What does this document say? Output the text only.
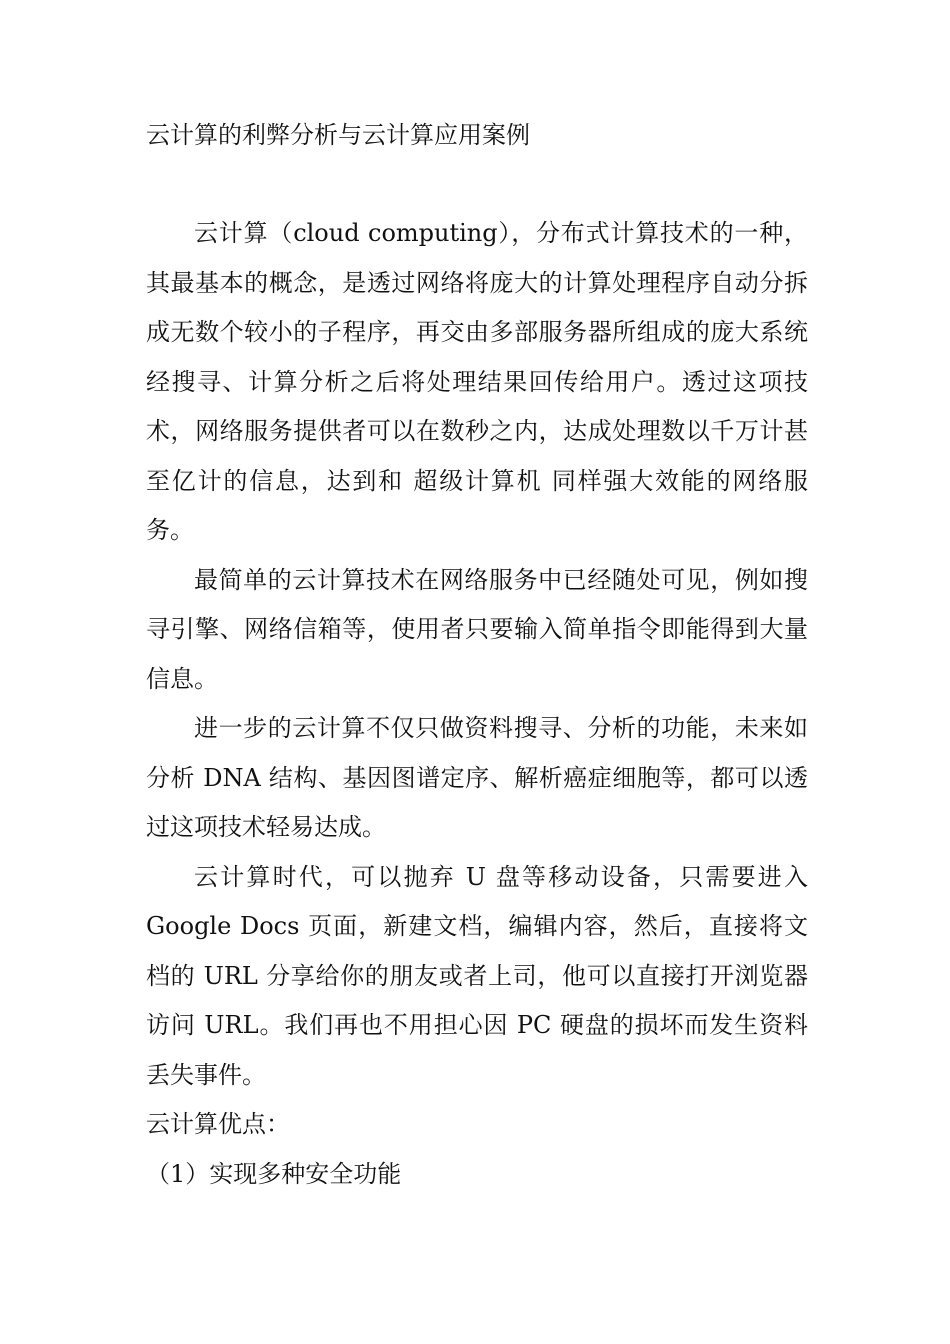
云计算的利弊分析与云计算应用案例

云计算（cloud computing），分布式计算技术的一种，其最基本的概念，是透过网络将庞大的计算处理程序自动分拆成无数个较小的子程序，再交由多部服务器所组成的庞大系统经搜寻、计算分析之后将处理结果回传给用户。透过这项技术，网络服务提供者可以在数秒之内，达成处理数以千万计甚至亿计的信息，达到和 超级计算机 同样强大效能的网络服务。

最简单的云计算技术在网络服务中已经随处可见，例如搜寻引擎、网络信箱等，使用者只要输入简单指令即能得到大量信息。

进一步的云计算不仅只做资料搜寻、分析的功能，未来如分析 DNA 结构、基因图谱定序、解析癌症细胞等，都可以透过这项技术轻易达成。

云计算时代，可以抛弃 U 盘等移动设备，只需要进入 Google Docs 页面，新建文档，编辑内容，然后，直接将文档的 URL 分享给你的朋友或者上司，他可以直接打开浏览器访问 URL。我们再也不用担心因 PC 硬盘的损坏而发生资料丢失事件。

云计算优点：
（1）实现多种安全功能
